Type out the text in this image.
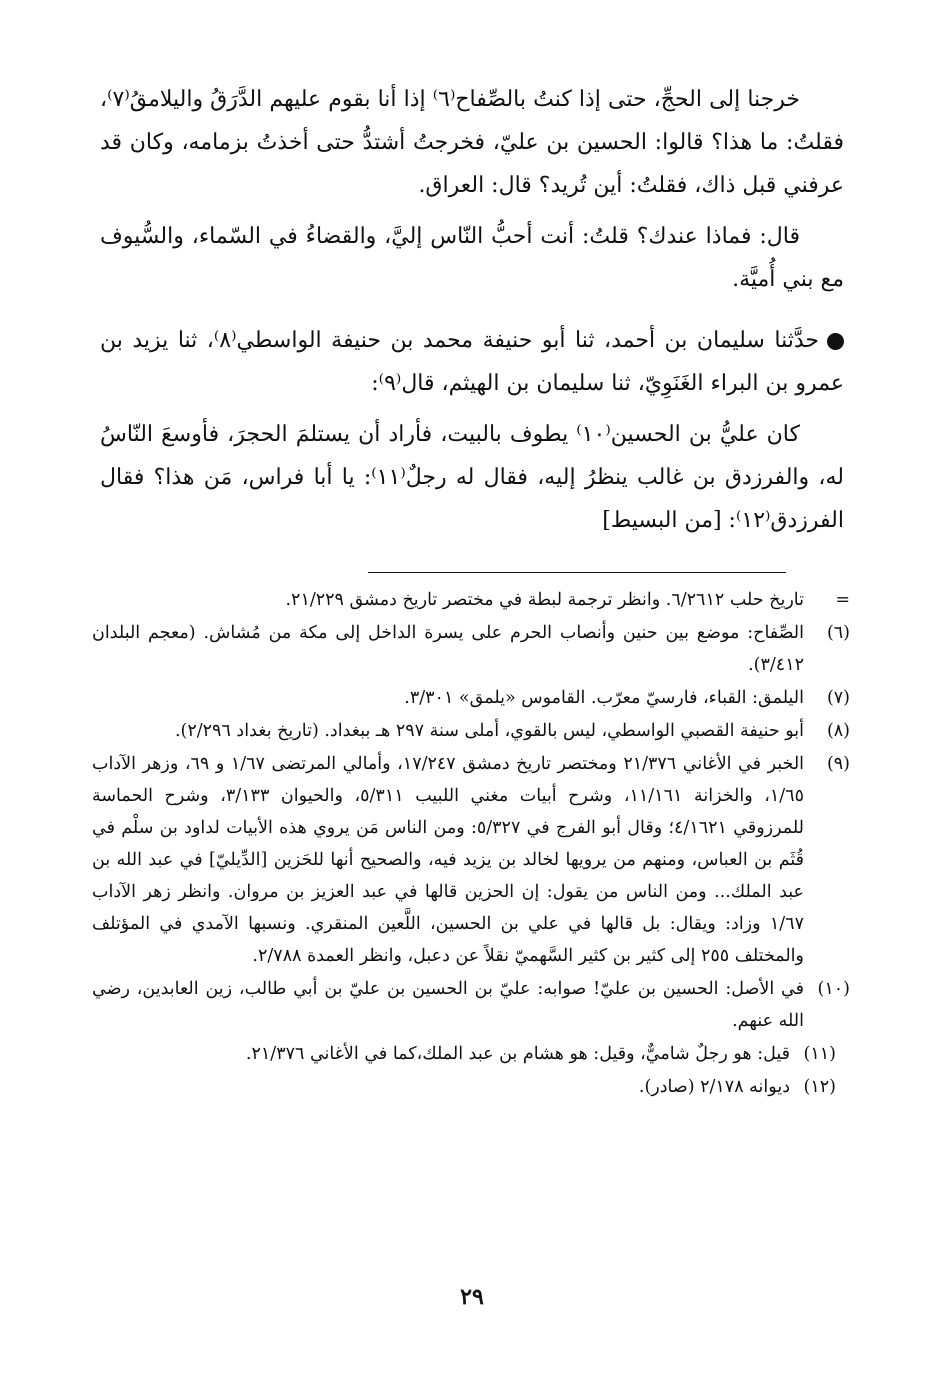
خرجنا إلى الحجِّ، حتى إذا كنتُ بالصِّفاح⁽٦⁾ إذا أنا بقوم عليهم الدَّرَقُ واليلامقُ⁽٧⁾، فقلتُ: ما هذا؟ قالوا: الحسين بن عليّ، فخرجتُ أشتدُّ حتى أخذتُ بزمامه، وكان قد عرفني قبل ذاك، فقلتُ: أين تُريد؟ قال: العراق.

قال: فماذا عندك؟ قلتُ: أنت أحبُّ النّاس إليَّ، والقضاءُ في السّماء، والسُّيوف مع بني أُميَّة.

حدَّثنا سليمان بن أحمد، ثنا أبو حنيفة محمد بن حنيفة الواسطي⁽٨⁾، ثنا يزيد بن عمرو بن البراء الغَنَوِيّ، ثنا سليمان بن الهيثم، قال⁽٩⁾:

كان عليُّ بن الحسين⁽١٠⁾ يطوف بالبيت، فأراد أن يستلمَ الحجرَ، فأوسعَ النّاسُ له، والفرزدق بن غالب ينظرُ إليه، فقال له رجلٌ⁽١١⁾: يا أبا فراس، مَن هذا؟ فقال الفرزدق⁽١٢⁾: [من البسيط]

=
تاريخ حلب ٦/٢٦١٢. وانظر ترجمة لبطة في مختصر تاريخ دمشق ٢١/٢٢٩.
(٦)
الصِّفاح: موضع بين حنين وأنصاب الحرم على يسرة الداخل إلى مكة من مُشاش. (معجم البلدان ٣/٤١٢).
(٧)
اليلمق: القباء، فارسيّ معرّب. القاموس «يلمق» ٣/٣٠١.
(٨)
أبو حنيفة القصبي الواسطي، ليس بالقوي، أملى سنة ٢٩٧ هـ ببغداد. (تاريخ بغداد ٢/٢٩٦).
(٩)
الخبر في الأغاني ٢١/٣٧٦ ومختصر تاريخ دمشق ١٧/٢٤٧، وأمالي المرتضى ١/٦٧ و ٦٩، وزهر الآداب ١/٦٥، والخزانة ١١/١٦١، وشرح أبيات مغني اللبيب ٥/٣١١، والحيوان ٣/١٣٣، وشرح الحماسة للمرزوقي ٤/١٦٢١؛ وقال أبو الفرج في ٥/٣٢٧: ومن الناس مَن يروي هذه الأبيات لداود بن سلْم في قُثَم بن العباس، ومنهم من يرويها لخالد بن يزيد فيه، والصحيح أنها للحَزين [الدِّيليّ] في عبد الله بن عبد الملك... ومن الناس من يقول: إن الحزين قالها في عبد العزيز بن مروان. وانظر زهر الآداب ١/٦٧ وزاد: ويقال: بل قالها في علي بن الحسين، اللَّعين المنقري. ونسبها الآمدي في المؤتلف والمختلف ٢٥٥ إلى كثير بن كثير السَّهميّ نقلاً عن دعبل، وانظر العمدة ٢/٧٨٨.
(١٠)
في الأصل: الحسين بن عليّ! صوابه: عليّ بن الحسين بن عليّ بن أبي طالب، زين العابدين، رضي الله عنهم.
(١١)
قيل: هو رجلٌ شاميٌّ، وقيل: هو هشام بن عبد الملك،كما في الأغاني ٢١/٣٧٦.
(١٢)
ديوانه ٢/١٧٨ (صادر).
٢٩
